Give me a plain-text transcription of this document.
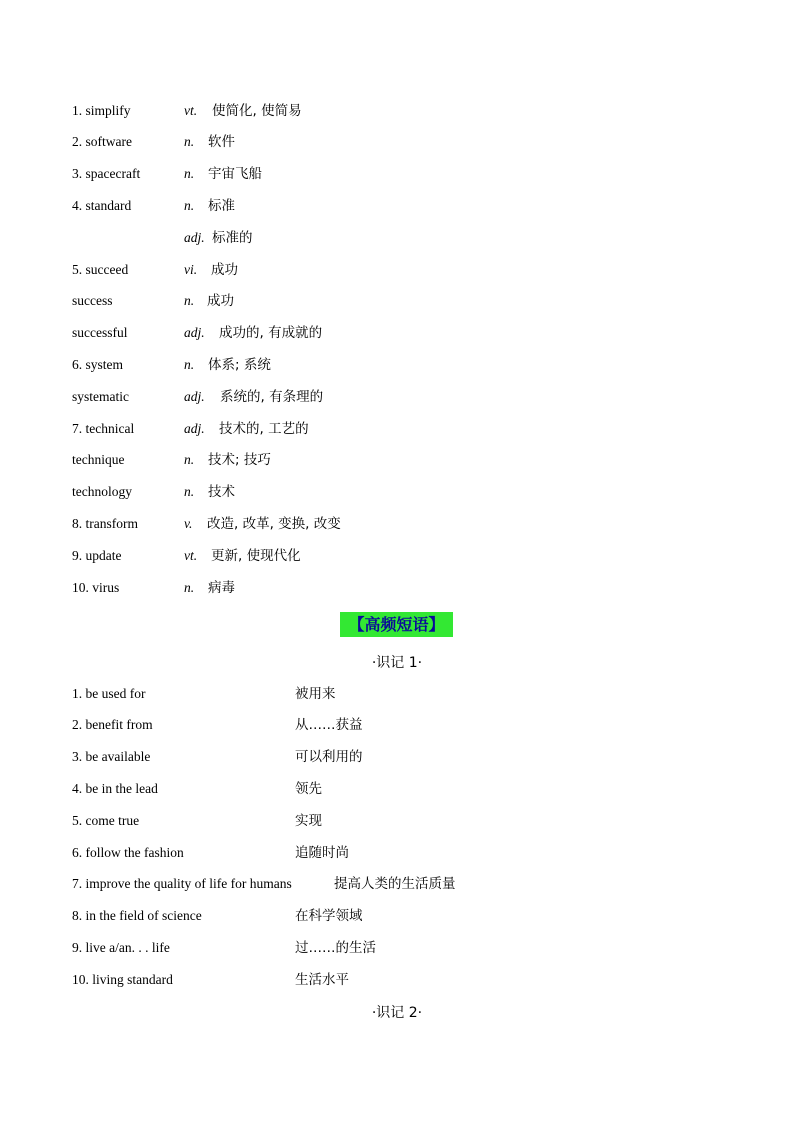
1. simplify	vt. 使简化, 使简易
2. software	n. 软件
3. spacecraft	n. 宇宙飞船
4. standard	n. 标准
adj. 标准的
5. succeed	vi. 成功
success	n. 成功
successful	adj. 成功的, 有成就的
6. system	n. 体系; 系统
systematic	adj. 系统的, 有条理的
7. technical	adj. 技术的, 工艺的
technique	n. 技术; 技巧
technology	n. 技术
8. transform	v. 改造, 改革, 变换, 改变
9. update	vt. 更新, 使现代化
10. virus	n. 病毒
【高频短语】
·识记 1·
1. be used for	被用来
2. benefit from	从……获益
3. be available	可以利用的
4. be in the lead	领先
5. come true	实现
6. follow the fashion	追随时尚
7. improve the quality of life for humans	提高人类的生活质量
8. in the field of science	在科学领域
9. live a/an. . . life	过……的生活
10. living standard	生活水平
·识记 2·
